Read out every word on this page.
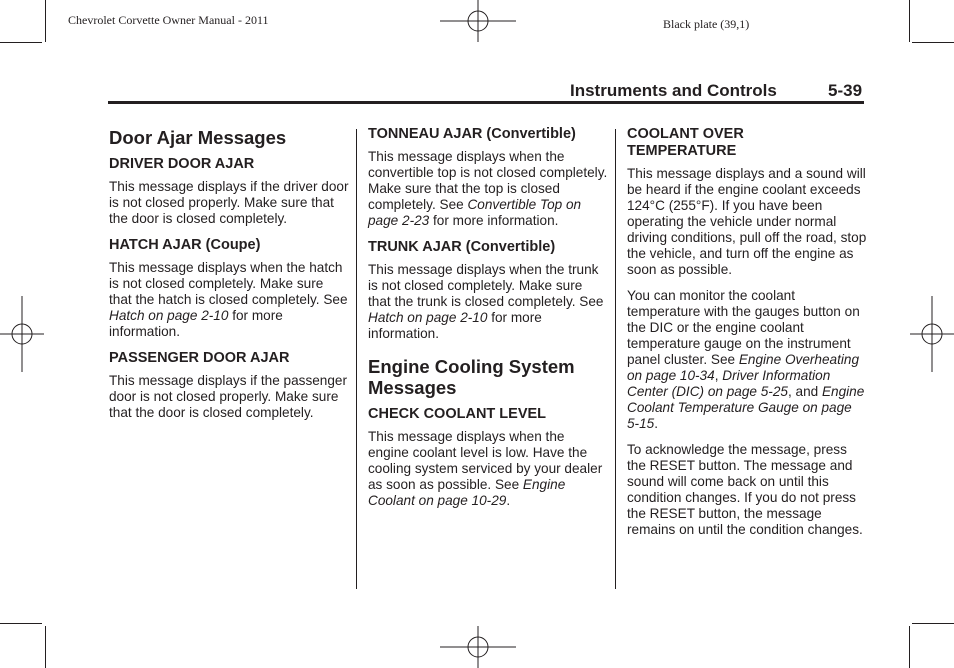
Chevrolet Corvette Owner Manual - 2011	Black plate (39,1)
Instruments and Controls	5-39
Door Ajar Messages
DRIVER DOOR AJAR

This message displays if the driver door is not closed properly. Make sure that the door is closed completely.

HATCH AJAR (Coupe)

This message displays when the hatch is not closed completely. Make sure that the hatch is closed completely. See Hatch on page 2-10 for more information.

PASSENGER DOOR AJAR

This message displays if the passenger door is not closed properly. Make sure that the door is closed completely.

TONNEAU AJAR (Convertible)

This message displays when the convertible top is not closed completely. Make sure that the top is closed completely. See Convertible Top on page 2-23 for more information.

TRUNK AJAR (Convertible)

This message displays when the trunk is not closed completely. Make sure that the trunk is closed completely. See Hatch on page 2-10 for more information.

Engine Cooling System Messages
CHECK COOLANT LEVEL

This message displays when the engine coolant level is low. Have the cooling system serviced by your dealer as soon as possible. See Engine Coolant on page 10-29.

COOLANT OVER TEMPERATURE

This message displays and a sound will be heard if the engine coolant exceeds 124°C (255°F). If you have been operating the vehicle under normal driving conditions, pull off the road, stop the vehicle, and turn off the engine as soon as possible.

You can monitor the coolant temperature with the gauges button on the DIC or the engine coolant temperature gauge on the instrument panel cluster. See Engine Overheating on page 10-34, Driver Information Center (DIC) on page 5-25, and Engine Coolant Temperature Gauge on page 5-15.

To acknowledge the message, press the RESET button. The message and sound will come back on until this condition changes. If you do not press the RESET button, the message remains on until the condition changes.
